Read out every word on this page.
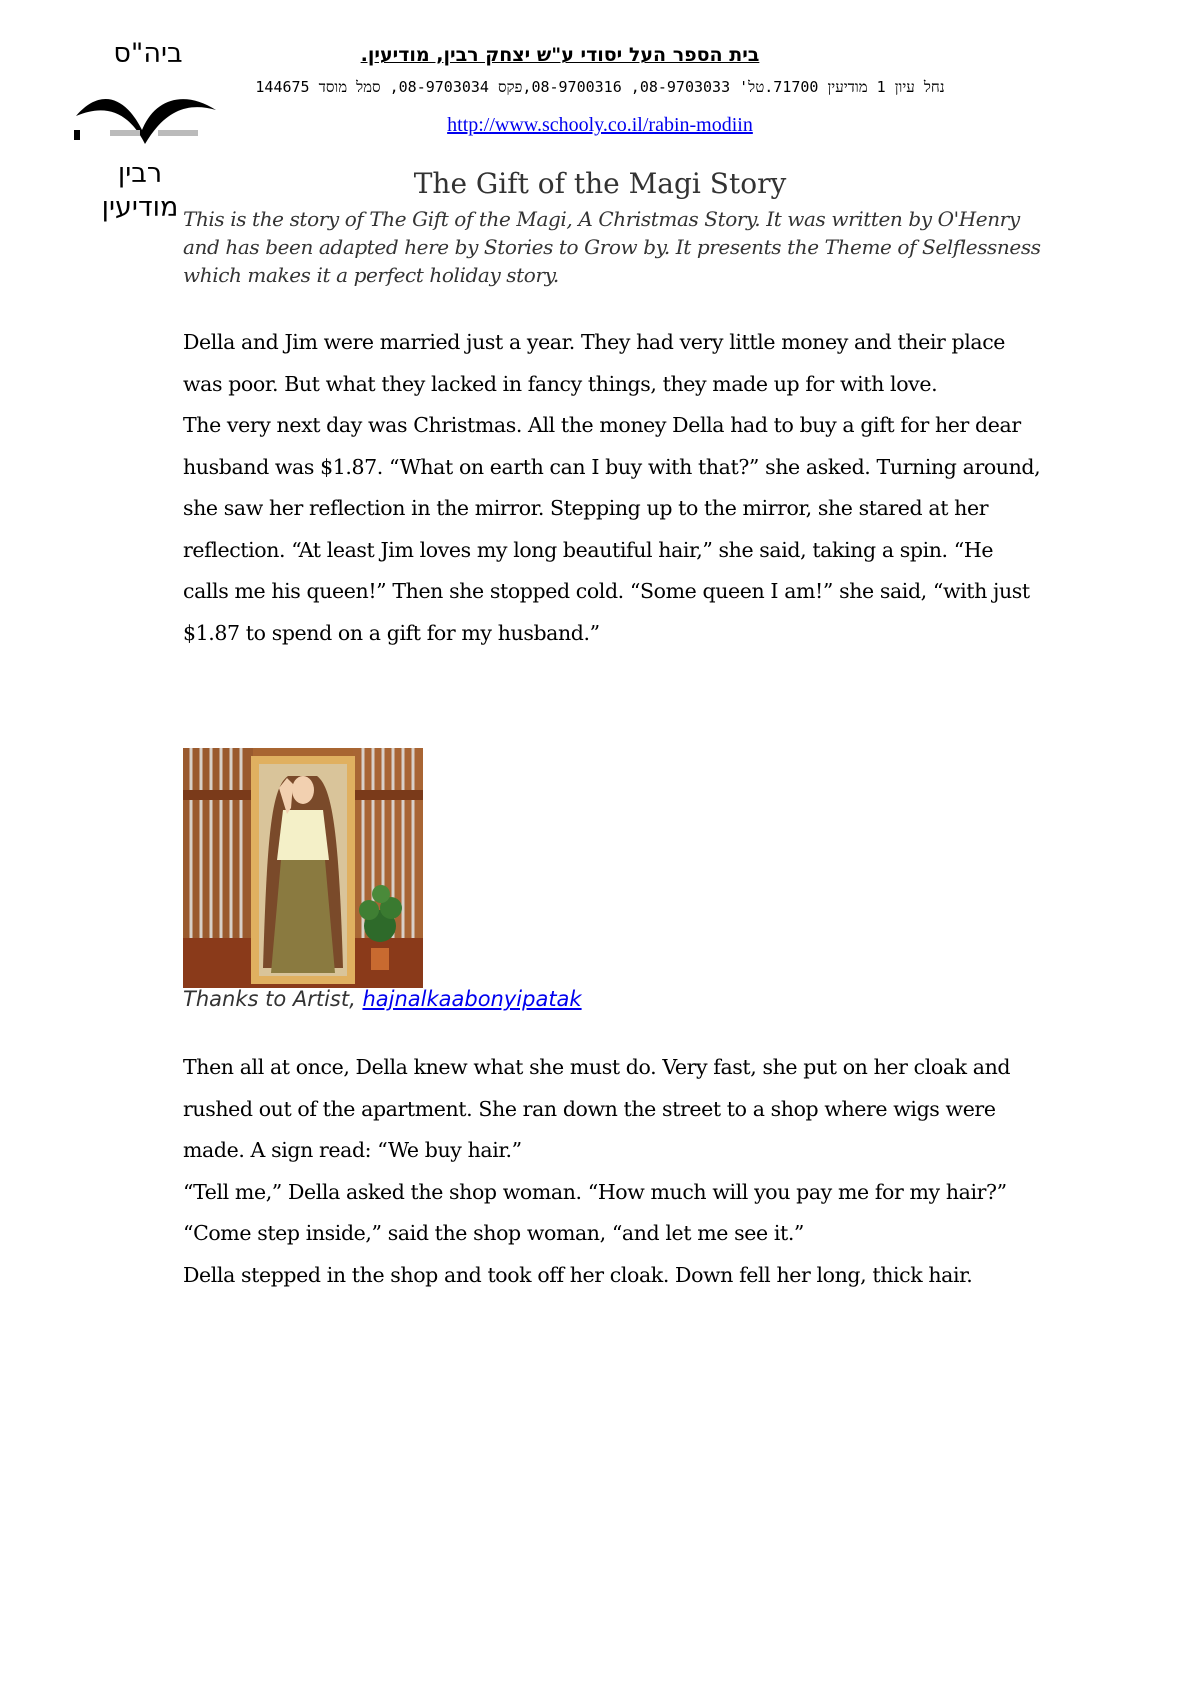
ביה"ס
רבין
מודיעין
בית הספר העל יסודי ע"ש יצחק רבין, מודיעין.
נחל עיון 1 מודיעין 71700.טל' 08-9703033, 08-9700316,פקס 08-9703034, סמל מוסד 144675
http://www.schooly.co.il/rabin-modiin
The Gift of the Magi Story
This is the story of The Gift of the Magi, A Christmas Story. It was written by O'Henry and has been adapted here by Stories to Grow by. It presents the Theme of Selflessness which makes it a perfect holiday story.

Della and Jim were married just a year. They had very little money and their place was poor. But what they lacked in fancy things, they made up for with love.

The very next day was Christmas. All the money Della had to buy a gift for her dear husband was $1.87. “What on earth can I buy with that?” she asked. Turning around, she saw her reflection in the mirror. Stepping up to the mirror, she stared at her reflection. “At least Jim loves my long beautiful hair,” she said, taking a spin. “He calls me his queen!” Then she stopped cold. “Some queen I am!” she said, “with just $1.87 to spend on a gift for my husband.”

Thanks to Artist, hajnalkaabonyipatak

Then all at once, Della knew what she must do. Very fast, she put on her cloak and rushed out of the apartment. She ran down the street to a shop where wigs were made. A sign read: “We buy hair.”

“Tell me,” Della asked the shop woman. “How much will you pay me for my hair?”

“Come step inside,” said the shop woman, “and let me see it.”

Della stepped in the shop and took off her cloak. Down fell her long, thick hair.
